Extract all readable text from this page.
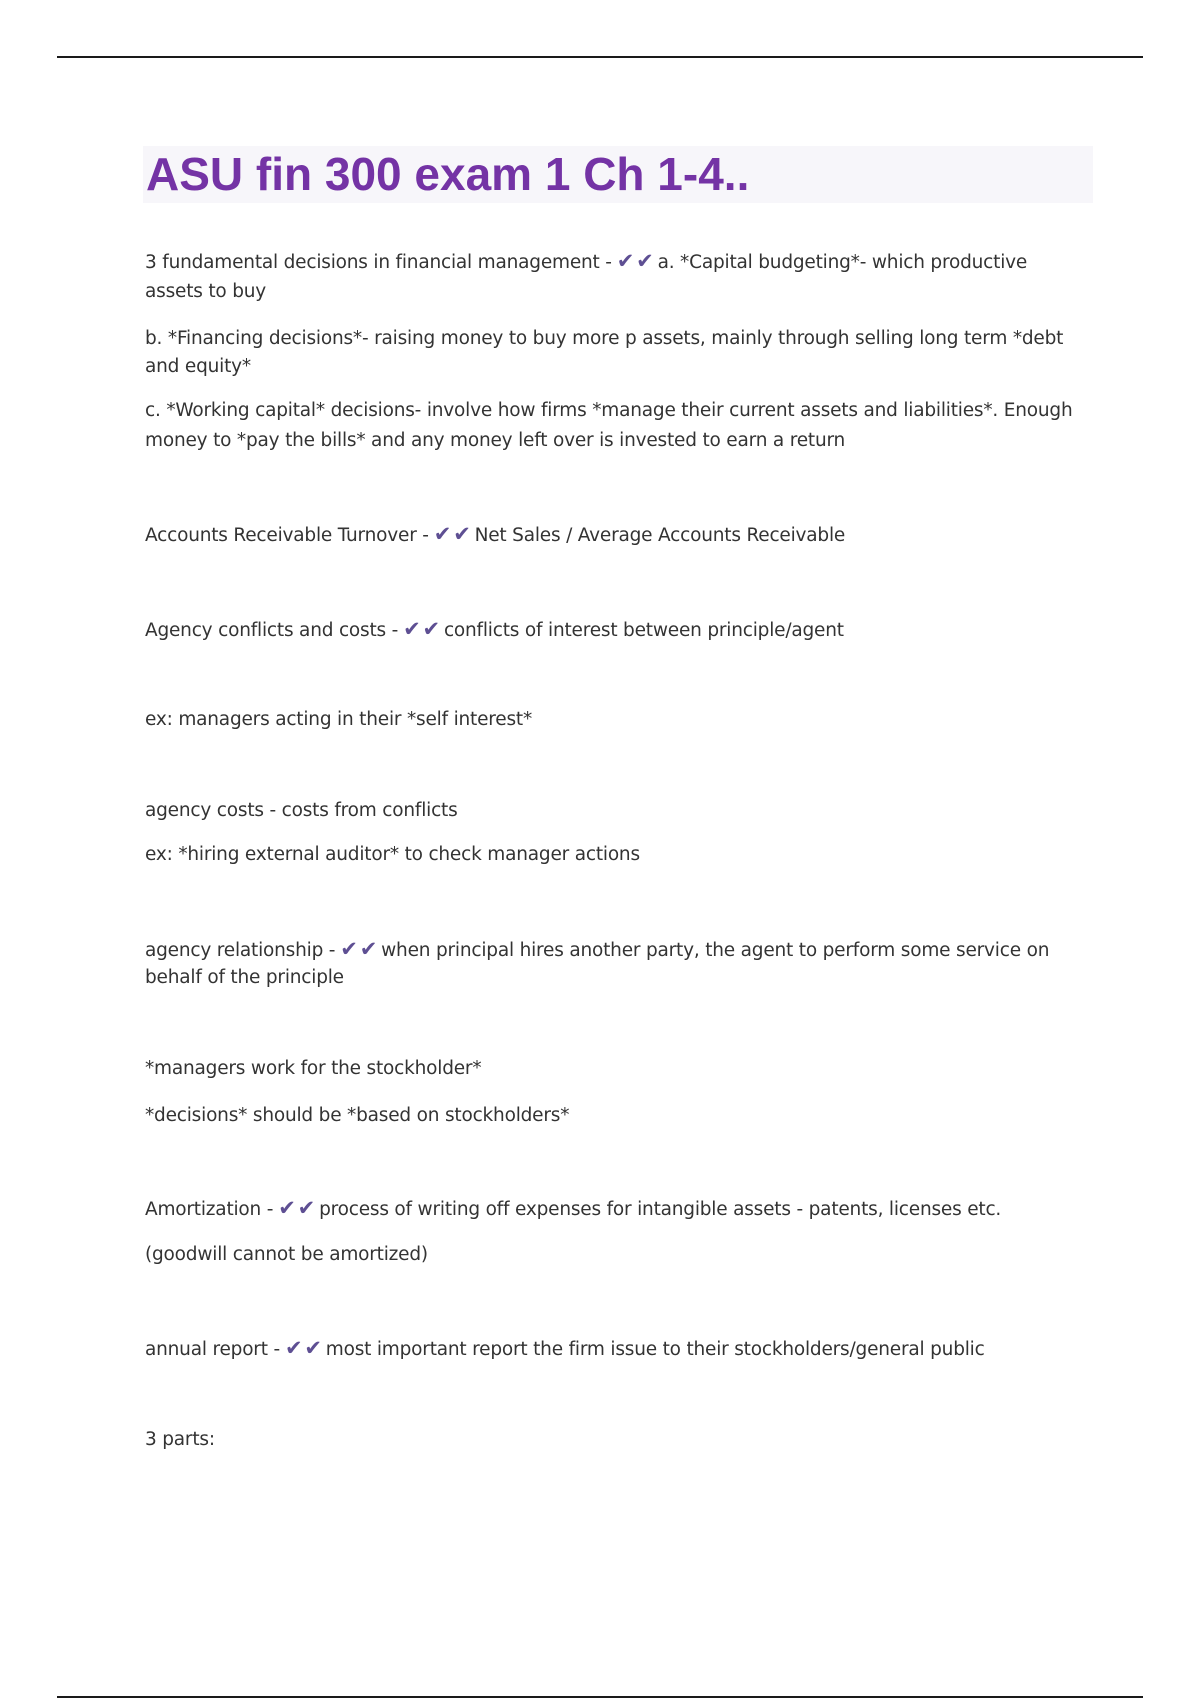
ASU fin 300 exam 1 Ch 1-4..

3 fundamental decisions in financial management - ✔✔ a. *Capital budgeting*- which productive

assets to buy

b. *Financing decisions*- raising money to buy more p assets, mainly through selling long term *debt

and equity*

c. *Working capital* decisions- involve how firms *manage their current assets and liabilities*. Enough

money to *pay the bills* and any money left over is invested to earn a return

Accounts Receivable Turnover - ✔✔ Net Sales / Average Accounts Receivable

Agency conflicts and costs - ✔✔ conflicts of interest between principle/agent

ex: managers acting in their *self interest*

agency costs - costs from conflicts

ex: *hiring external auditor* to check manager actions

agency relationship - ✔✔ when principal hires another party, the agent to perform some service on

behalf of the principle

*managers work for the stockholder*

*decisions* should be *based on stockholders*

Amortization - ✔✔ process of writing off expenses for intangible assets - patents, licenses etc.

(goodwill cannot be amortized)

annual report - ✔✔ most important report the firm issue to their stockholders/general public

3 parts:
